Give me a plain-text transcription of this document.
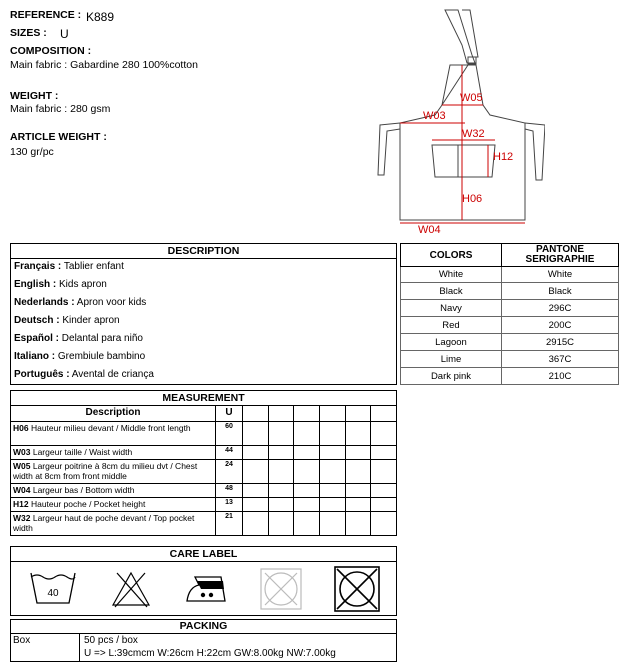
REFERENCE : K889
SIZES : U
COMPOSITION :
Main fabric : Gabardine 280 100%cotton
WEIGHT :
Main fabric : 280 gsm
ARTICLE WEIGHT :
130 gr/pc
W05
W03
W32
H12
H06
W04
DESCRIPTION
Français : Tablier enfant
English : Kids apron
Nederlands : Apron voor kids
Deutsch : Kinder apron
Español : Delantal para niño
Italiano : Grembiule bambino
Português : Avental de criança
COLORS	PANTONE
SERIGRAPHIE
White	White
Black	Black
Navy	296C
Red	200C
Lagoon	2915C
Lime	367C
Dark pink	210C
MEASUREMENT							
Description	U						
H06 Hauteur milieu devant / Middle front length	60						
W03 Largeur taille / Waist width	44						
W05 Largeur poitrine à 8cm du milieu dvt / Chest width at 8cm from front middle	24						
W04 Largeur bas / Bottom width	48						
H12 Hauteur poche / Pocket height	13						
W32 Largeur haut de poche devant / Top pocket width	21						
CARE LABEL
40
PACKING
Box	50 pcs / box
U => L:39cmcm W:26cm H:22cm GW:8.00kg NW:7.00kg
